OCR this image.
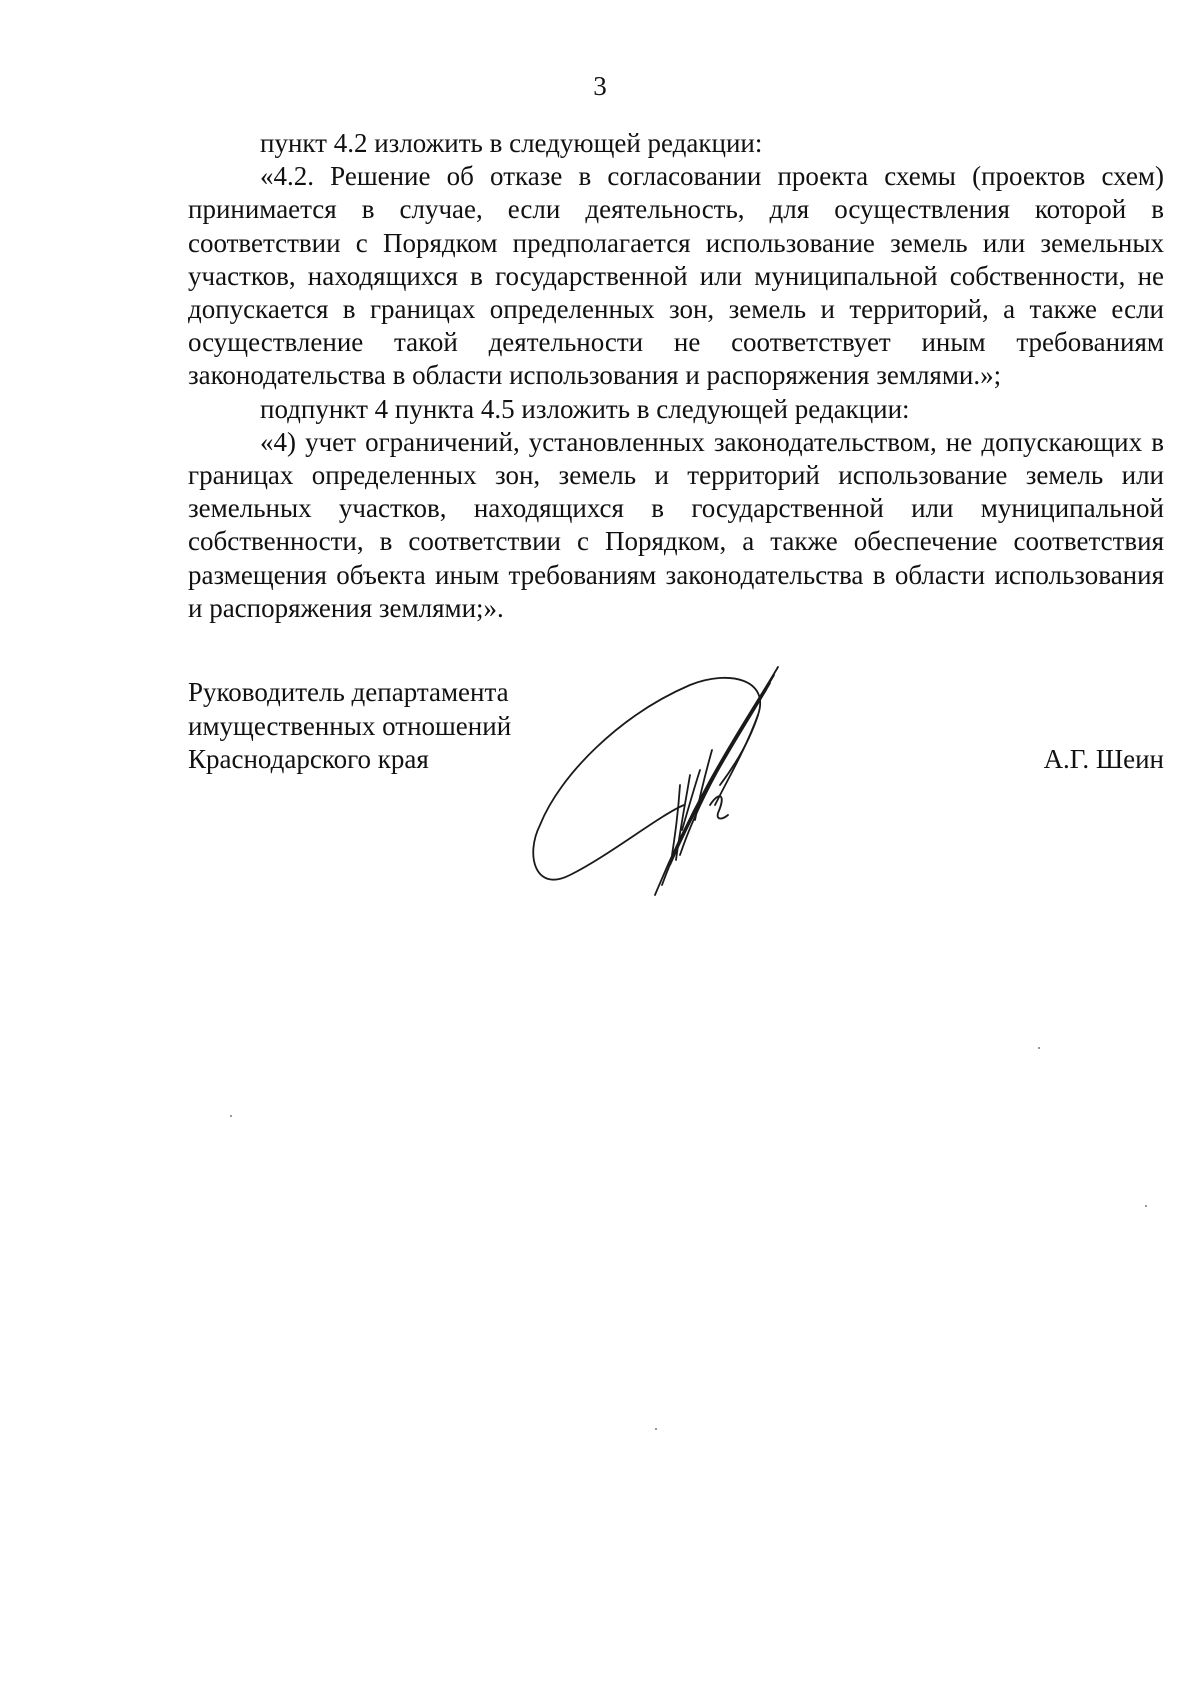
3

пункт 4.2 изложить в следующей редакции:

«4.2. Решение об отказе в согласовании проекта схемы (проектов схем) принимается в случае, если деятельность, для осуществления которой в соответствии с Порядком предполагается использование земель или земельных участков, находящихся в государственной или муниципальной собственности, не допускается в границах определенных зон, земель и территорий, а также если осуществление такой деятельности не соответствует иным требованиям законодательства в области использования и распоряжения землями.»;

подпункт 4 пункта 4.5 изложить в следующей редакции:

«4) учет ограничений, установленных законодательством, не допускающих в границах определенных зон, земель и территорий использование земель или земельных участков, находящихся в государственной или муниципальной собственности, в соответствии с Порядком, а также обеспечение соответствия размещения объекта иным требованиям законодательства в области использования и распоряжения землями;».

Руководитель департамента
имущественных отношений
Краснодарского края	А.Г. Шеин
